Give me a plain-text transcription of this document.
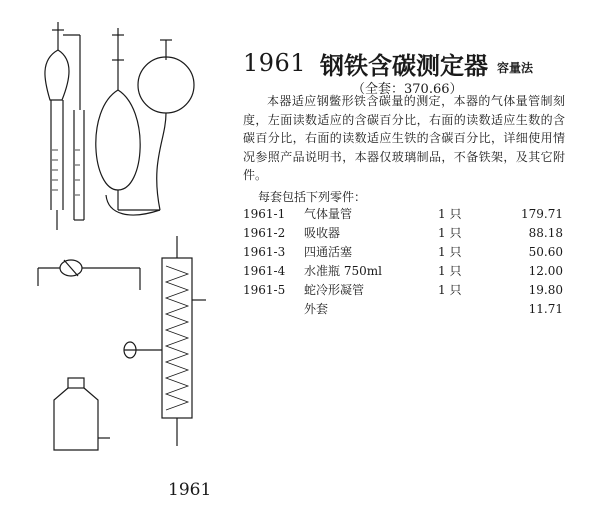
1961 钢铁含碳测定器 容量法
（全套：370.66）
本器适应钢鳖形铁含碳量的测定，本器的气体量管制刻度，左面读数适应的含碳百分比，右面的读数适应生数的含碳百分比，右面的读数适应生铁的含碳百分比，详细使用情况参照产品说明书，本器仅玻璃制品，不备铁架，及其它附件。
每套包括下列零件：
1961-1 气体量管	1 只	179.71
1961-2 吸收器	1 只	88.18
1961-3 四通活塞	1 只	50.60
1961-4 水准瓶 750ml	1 只	12.00
1961-5 蛇冷形凝管	1 只	19.80
外套	11.71
1961
